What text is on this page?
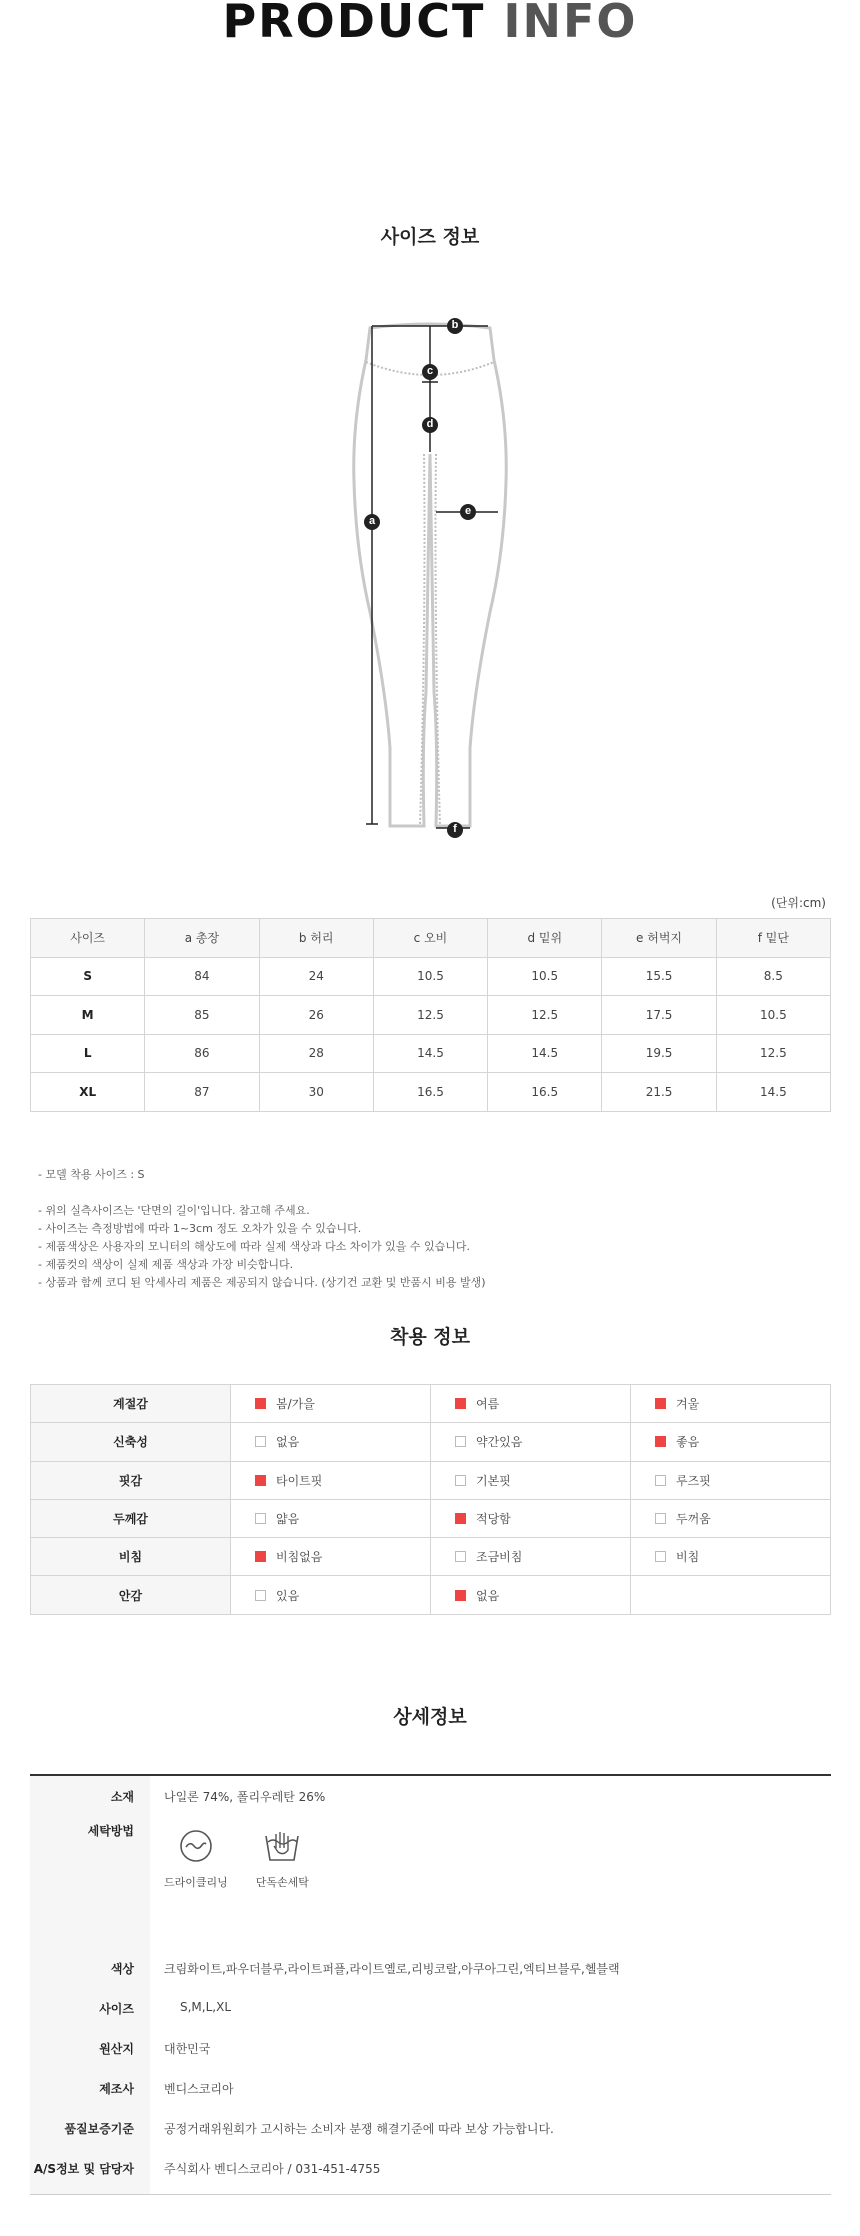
PRODUCT INFO
사이즈 정보
b
c
d
a
e
f
(단위:cm)
사이즈	a 총장	b 허리	c 오비	d 밑위	e 허벅지	f 밑단
S	84	24	10.5	10.5	15.5	8.5
M	85	26	12.5	12.5	17.5	10.5
L	86	28	14.5	14.5	19.5	12.5
XL	87	30	16.5	16.5	21.5	14.5
- 모델 착용 사이즈 : S
- 위의 실측사이즈는 '단면의 길이'입니다. 참고해 주세요.
- 사이즈는 측정방법에 따라 1~3cm 정도 오차가 있을 수 있습니다.
- 제품색상은 사용자의 모니터의 해상도에 따라 실제 색상과 다소 차이가 있을 수 있습니다.
- 제품컷의 색상이 실제 제품 색상과 가장 비슷합니다.
- 상품과 함께 코디 된 악세사리 제품은 제공되지 않습니다. (상기건 교환 및 반품시 비용 발생)
착용 정보
계절감	봄/가을	여름	겨울
신축성	없음	약간있음	좋음
핏감	타이트핏	기본핏	루즈핏
두께감	얇음	적당함	두꺼움
비침	비침없음	조금비침	비침
안감	있음	없음	
상세정보
소재	나일론 74%, 폴리우레탄 26%
세탁방법	드라이클리닝 단독손세탁

색상	크림화이트,파우더블루,라이트퍼플,라이트옐로,리빙코랄,아쿠아그린,엑티브블루,헬블랙
사이즈	S,M,L,XL
원산지	대한민국
제조사	벤디스코리아
품질보증기준	공정거래위원회가 고시하는 소비자 분쟁 해결기준에 따라 보상 가능합니다.
A/S정보 및 담당자	주식회사 벤디스코리아 / 031-451-4755
